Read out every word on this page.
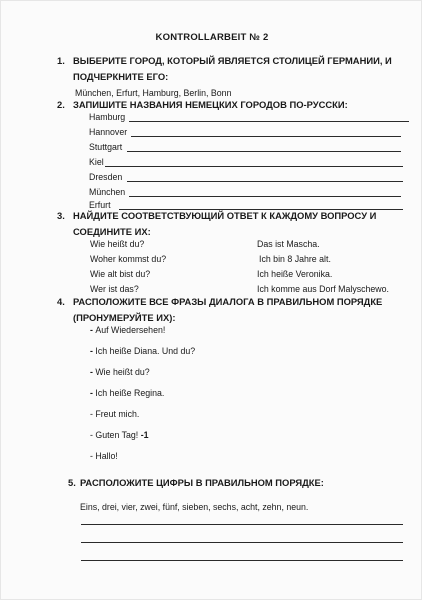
KONTROLLARBEIT № 2
1. ВЫБЕРИТЕ ГОРОД, КОТОРЫЙ ЯВЛЯЕТСЯ СТОЛИЦЕЙ ГЕРМАНИИ, И
ПОДЧЕРКНИТЕ ЕГО:
München, Erfurt, Hamburg, Berlin, Bonn
2. ЗАПИШИТЕ НАЗВАНИЯ НЕМЕЦКИХ ГОРОДОВ ПО-РУССКИ:
Hamburg
Hannover
Stuttgart
Kiel
Dresden
München
Erfurt
3. НАЙДИТЕ СООТВЕТСТВУЮЩИЙ ОТВЕТ К КАЖДОМУ ВОПРОСУ И
СОЕДИНИТЕ ИХ:
Wie heißt du?
Woher kommst du?
Wie alt bist du?
Wer ist das?
Das ist Mascha.
Ich bin 8 Jahre alt.
Ich heiße Veronika.
Ich komme aus Dorf Malyschewo.
4. РАСПОЛОЖИТЕ ВСЕ ФРАЗЫ ДИАЛОГА В ПРАВИЛЬНОМ ПОРЯДКЕ
(ПРОНУМЕРУЙТЕ ИХ):
- Auf Wiedersehen!
- Ich heiße Diana. Und du?
- Wie heißt du?
- Ich heiße Regina.
- Freut mich.
- Guten Tag! -1
- Hallo!
5. РАСПОЛОЖИТЕ ЦИФРЫ В ПРАВИЛЬНОМ ПОРЯДКЕ:
Eins, drei, vier, zwei, fünf, sieben, sechs, acht, zehn, neun.
